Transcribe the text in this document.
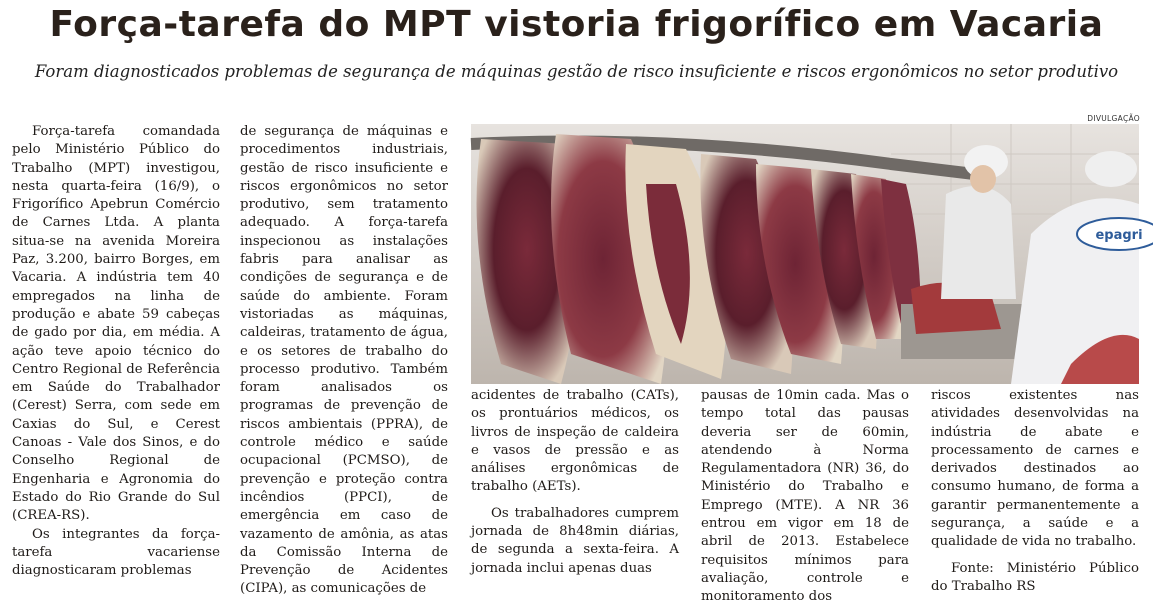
Força-tarefa do MPT vistoria frigorífico em Vacaria

Foram diagnosticados problemas de segurança de máquinas gestão de risco insuficiente e riscos ergonômicos no setor produtivo

Força-tarefa comandada pelo Ministério Público do Trabalho (MPT) investigou, nesta quarta-feira (16/9), o Frigorífico Apebrun Comércio de Carnes Ltda. A planta situa-se na avenida Moreira Paz, 3.200, bairro Borges, em Vacaria. A indústria tem 40 empregados na linha de produção e abate 59 cabeças de gado por dia, em média. A ação teve apoio técnico do Centro Regional de Referência em Saúde do Trabalhador (Cerest) Serra, com sede em Caxias do Sul, e Cerest Canoas - Vale dos Sinos, e do Conselho Regional de Engenharia e Agronomia do Estado do Rio Grande do Sul (CREA-RS).

Os integrantes da força-tarefa vacariense diagnosticaram problemas

de segurança de máquinas e procedimentos industriais, gestão de risco insuficiente e riscos ergonômicos no setor produtivo, sem tratamento adequado. A força-tarefa inspecionou as instalações fabris para analisar as condições de segurança e de saúde do ambiente. Foram vistoriadas as máquinas, caldeiras, tratamento de água, e os setores de trabalho do processo produtivo. Também foram analisados os programas de prevenção de riscos ambientais (PPRA), de controle médico e saúde ocupacional (PCMSO), de prevenção e proteção contra incêndios (PPCI), de emergência em caso de vazamento de amônia, as atas da Comissão Interna de Prevenção de Acidentes (CIPA), as comunicações de

DIVULGAÇÃO
epagri

acidentes de trabalho (CATs), os prontuários médicos, os livros de inspeção de caldeira e vasos de pressão e as análises ergonômicas de trabalho (AETs).

Os trabalhadores cumprem jornada de 8h48min diárias, de segunda a sexta-feira. A jornada inclui apenas duas

pausas de 10min cada. Mas o tempo total das pausas deveria ser de 60min, atendendo à Norma Regulamentadora (NR) 36, do Ministério do Trabalho e Emprego (MTE). A NR 36 entrou em vigor em 18 de abril de 2013. Estabelece requisitos mínimos para avaliação, controle e monitoramento dos

riscos existentes nas atividades desenvolvidas na indústria de abate e processamento de carnes e derivados destinados ao consumo humano, de forma a garantir permanentemente a segurança, a saúde e a qualidade de vida no trabalho.

Fonte: Ministério Público do Trabalho RS
